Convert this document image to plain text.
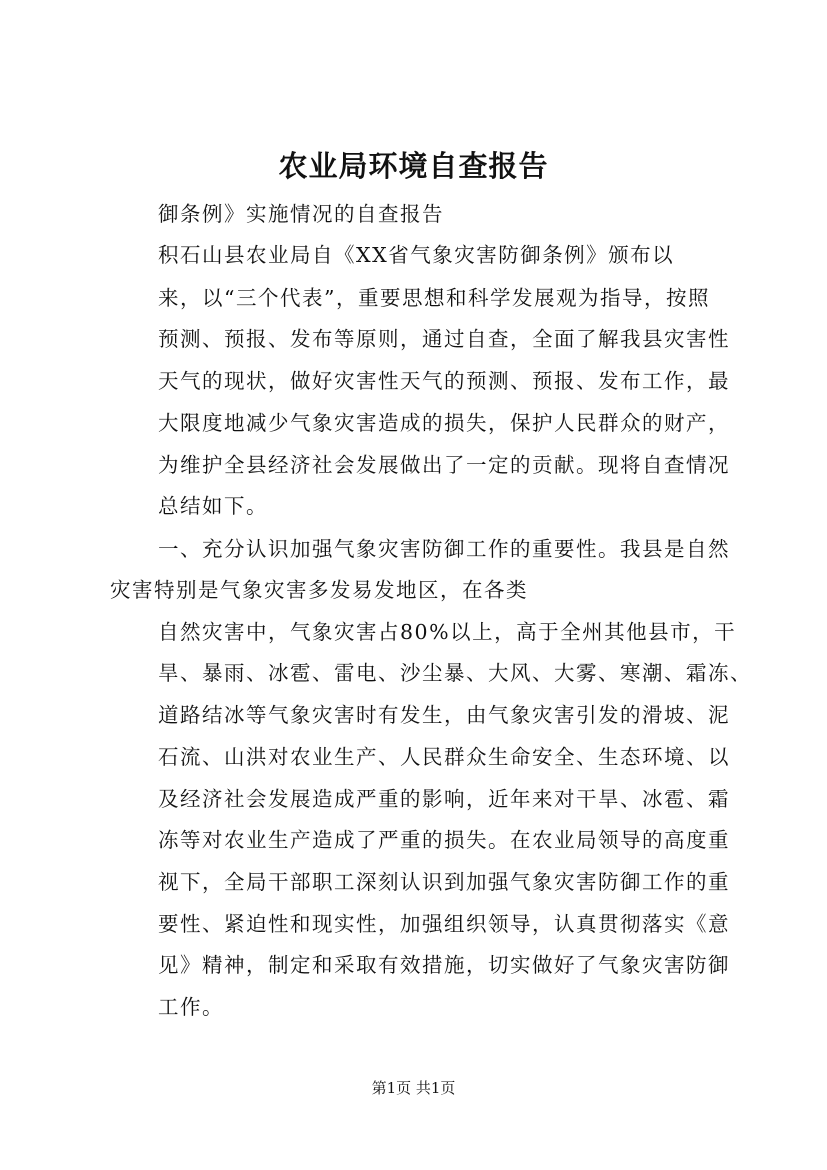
农业局环境自查报告
御条例》实施情况的自查报告
积石山县农业局自《XX省气象灾害防御条例》颁布以
来，以“三个代表”，重要思想和科学发展观为指导，按照
预测、预报、发布等原则，通过自查，全面了解我县灾害性
天气的现状，做好灾害性天气的预测、预报、发布工作，最
大限度地减少气象灾害造成的损失，保护人民群众的财产，
为维护全县经济社会发展做出了一定的贡献。现将自查情况
总结如下。
一、充分认识加强气象灾害防御工作的重要性。我县是自然
灾害特别是气象灾害多发易发地区，在各类
自然灾害中，气象灾害占80%以上，高于全州其他县市，干
旱、暴雨、冰雹、雷电、沙尘暴、大风、大雾、寒潮、霜冻、
道路结冰等气象灾害时有发生，由气象灾害引发的滑坡、泥
石流、山洪对农业生产、人民群众生命安全、生态环境、以
及经济社会发展造成严重的影响，近年来对干旱、冰雹、霜
冻等对农业生产造成了严重的损失。在农业局领导的高度重
视下，全局干部职工深刻认识到加强气象灾害防御工作的重
要性、紧迫性和现实性，加强组织领导，认真贯彻落实《意
见》精神，制定和采取有效措施，切实做好了气象灾害防御
工作。
第1页 共1页
